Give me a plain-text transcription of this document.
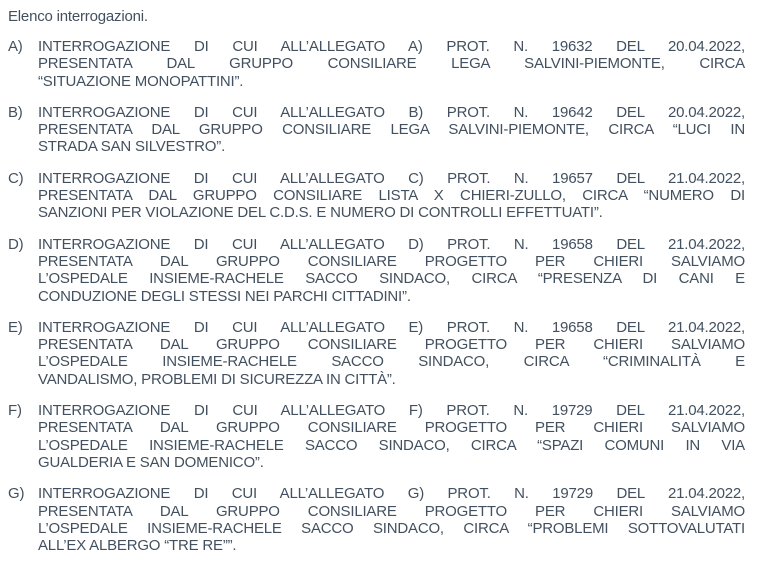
Elenco interrogazioni.
A)	INTERROGAZIONE DI CUI ALL’ALLEGATO A) PROT. N. 19632 DEL 20.04.2022,
PRESENTATA DAL GRUPPO CONSILIARE LEGA SALVINI-PIEMONTE, CIRCA
“SITUAZIONE MONOPATTINI”.
B)	INTERROGAZIONE DI CUI ALL’ALLEGATO B) PROT. N. 19642 DEL 20.04.2022,
PRESENTATA DAL GRUPPO CONSILIARE LEGA SALVINI-PIEMONTE, CIRCA “LUCI IN
STRADA SAN SILVESTRO”.
C) INTERROGAZIONE DI CUI ALL’ALLEGATO C) PROT. N. 19657 DEL 21.04.2022,
PRESENTATA DAL GRUPPO CONSILIARE LISTA X CHIERI-ZULLO, CIRCA “NUMERO DI
SANZIONI PER VIOLAZIONE DEL C.D.S. E NUMERO DI CONTROLLI EFFETTUATI”.
D) INTERROGAZIONE DI CUI ALL’ALLEGATO D) PROT. N. 19658 DEL 21.04.2022,
PRESENTATA DAL GRUPPO CONSILIARE PROGETTO PER CHIERI SALVIAMO
L’OSPEDALE INSIEME-RACHELE SACCO SINDACO, CIRCA “PRESENZA DI CANI E
CONDUZIONE DEGLI STESSI NEI PARCHI CITTADINI”.
E)	INTERROGAZIONE DI CUI ALL’ALLEGATO E) PROT. N. 19658 DEL 21.04.2022,
PRESENTATA DAL GRUPPO CONSILIARE PROGETTO PER CHIERI SALVIAMO
L’OSPEDALE INSIEME-RACHELE SACCO SINDACO, CIRCA “CRIMINALITÀ E
VANDALISMO, PROBLEMI DI SICUREZZA IN CITTÀ”.
F)	INTERROGAZIONE DI CUI ALL’ALLEGATO F) PROT. N. 19729 DEL 21.04.2022,
PRESENTATA DAL GRUPPO CONSILIARE PROGETTO PER CHIERI SALVIAMO
L’OSPEDALE INSIEME-RACHELE SACCO SINDACO, CIRCA “SPAZI COMUNI IN VIA
GUALDERIA E SAN DOMENICO”.
G) INTERROGAZIONE DI CUI ALL’ALLEGATO G) PROT. N. 19729 DEL 21.04.2022,
PRESENTATA DAL GRUPPO CONSILIARE PROGETTO PER CHIERI SALVIAMO
L’OSPEDALE INSIEME-RACHELE SACCO SINDACO, CIRCA “PROBLEMI SOTTOVALUTATI
ALL’EX ALBERGO “TRE RE””.
